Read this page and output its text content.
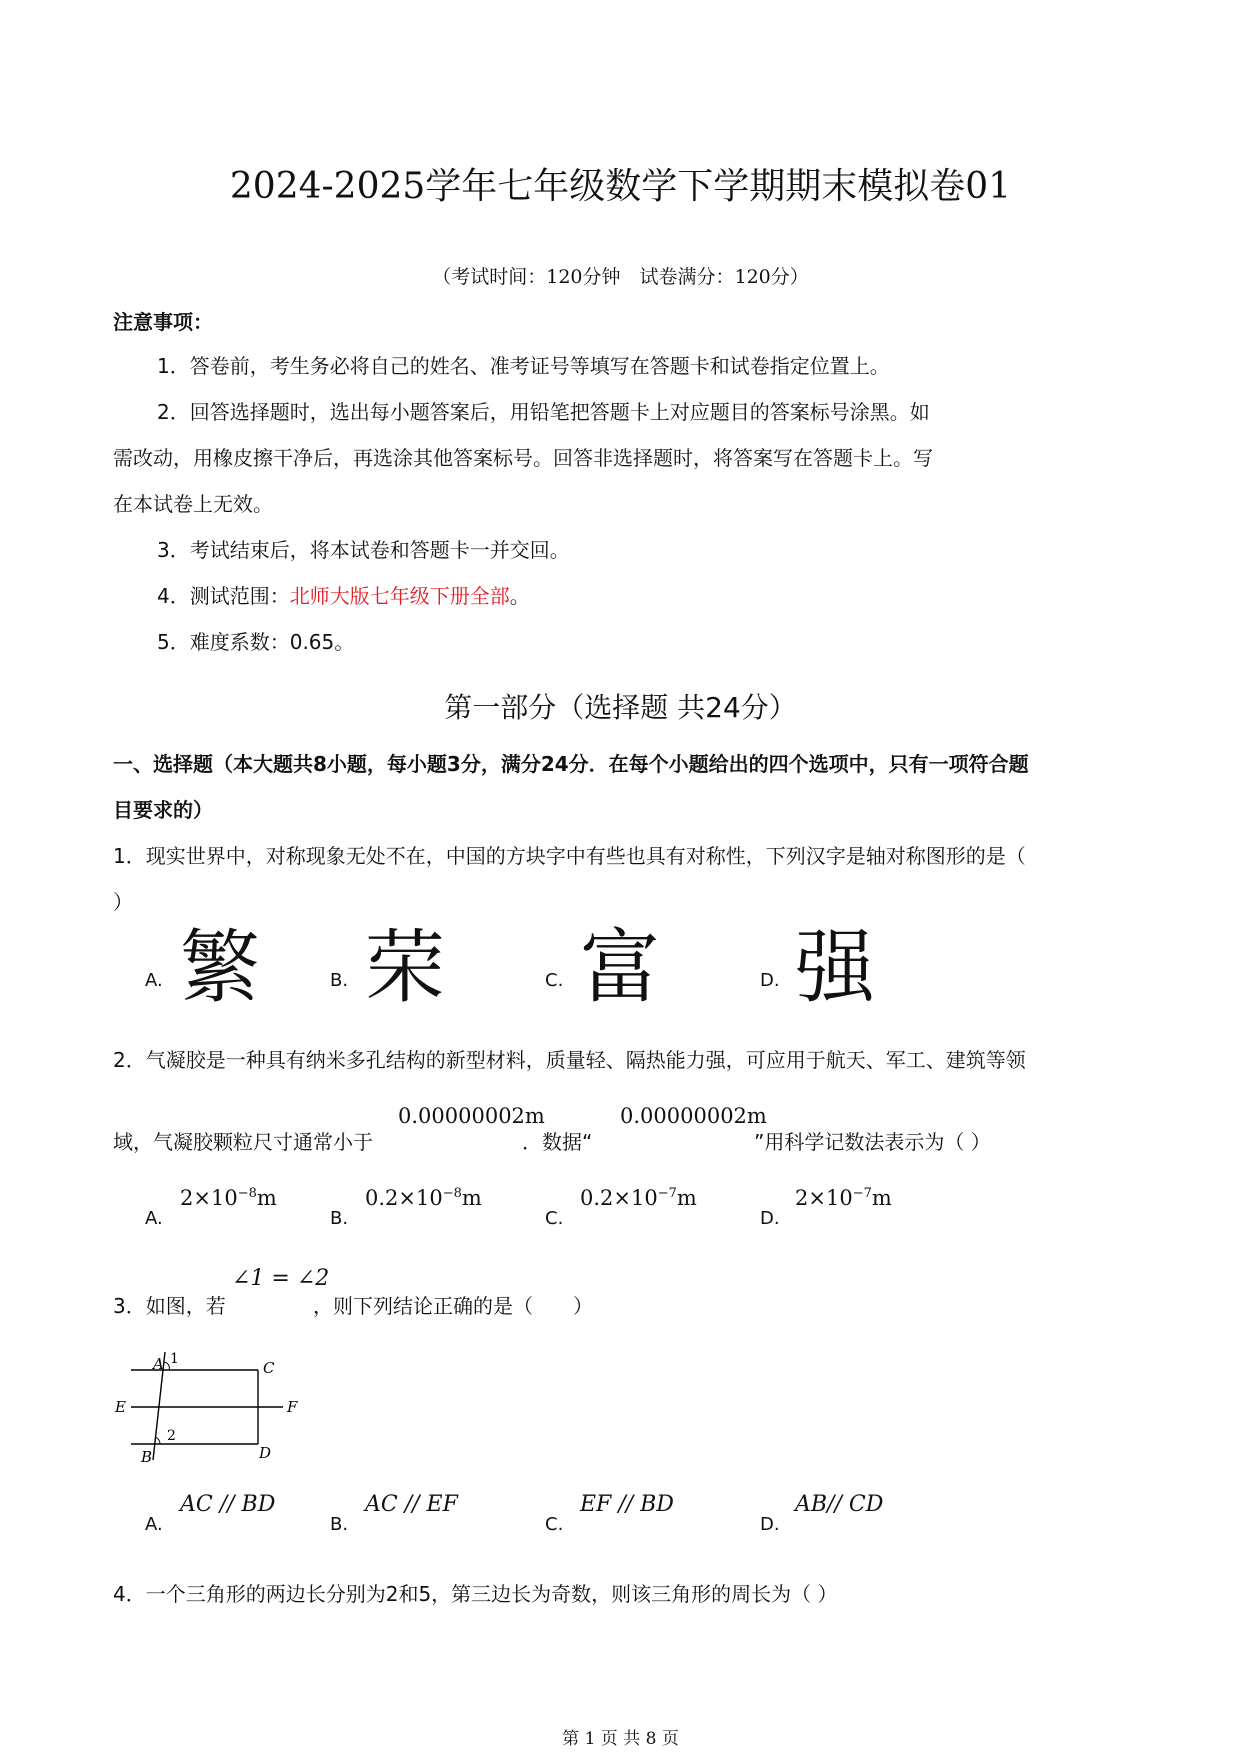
2024-2025学年七年级数学下学期期末模拟卷01
（考试时间：120分钟　试卷满分：120分）
注意事项：
1．答卷前，考生务必将自己的姓名、准考证号等填写在答题卡和试卷指定位置上。
2．回答选择题时，选出每小题答案后，用铅笔把答题卡上对应题目的答案标号涂黑。如
需改动，用橡皮擦干净后，再选涂其他答案标号。回答非选择题时，将答案写在答题卡上。写
在本试卷上无效。
3．考试结束后，将本试卷和答题卡一并交回。
4．测试范围：北师大版七年级下册全部。
5．难度系数：0.65。
第一部分（选择题 共24分）
一、选择题（本大题共8小题，每小题3分，满分24分．在每个小题给出的四个选项中，只有一项符合题
目要求的）
1．现实世界中，对称现象无处不在，中国的方块字中有些也具有对称性，下列汉字是轴对称图形的是（
）
A. 繁	B. 荣	C. 富	D. 强
2．气凝胶是一种具有纳米多孔结构的新型材料，质量轻、隔热能力强，可应用于航天、军工、建筑等领
域，气凝胶颗粒尺寸通常小于
0.00000002m
．数据“
0.00000002m
”用科学记数法表示为（ ）
A.
$2\times 10^{-8}m$
B.
$0.2\times 10^{-8}m$
C.
$0.2\times 10^{-7}m$
D.
$2\times 10^{-7}m$
3．如图，若
∠1 = ∠2
，则下列结论正确的是（　　）
A 1	C
E	F
2
B	D
A.
AC // BD
B.
AC // EF
C.
EF // BD
D.
AB// CD
4．一个三角形的两边长分别为2和5，第三边长为奇数，则该三角形的周长为（ ）
第 1 页 共 8 页
